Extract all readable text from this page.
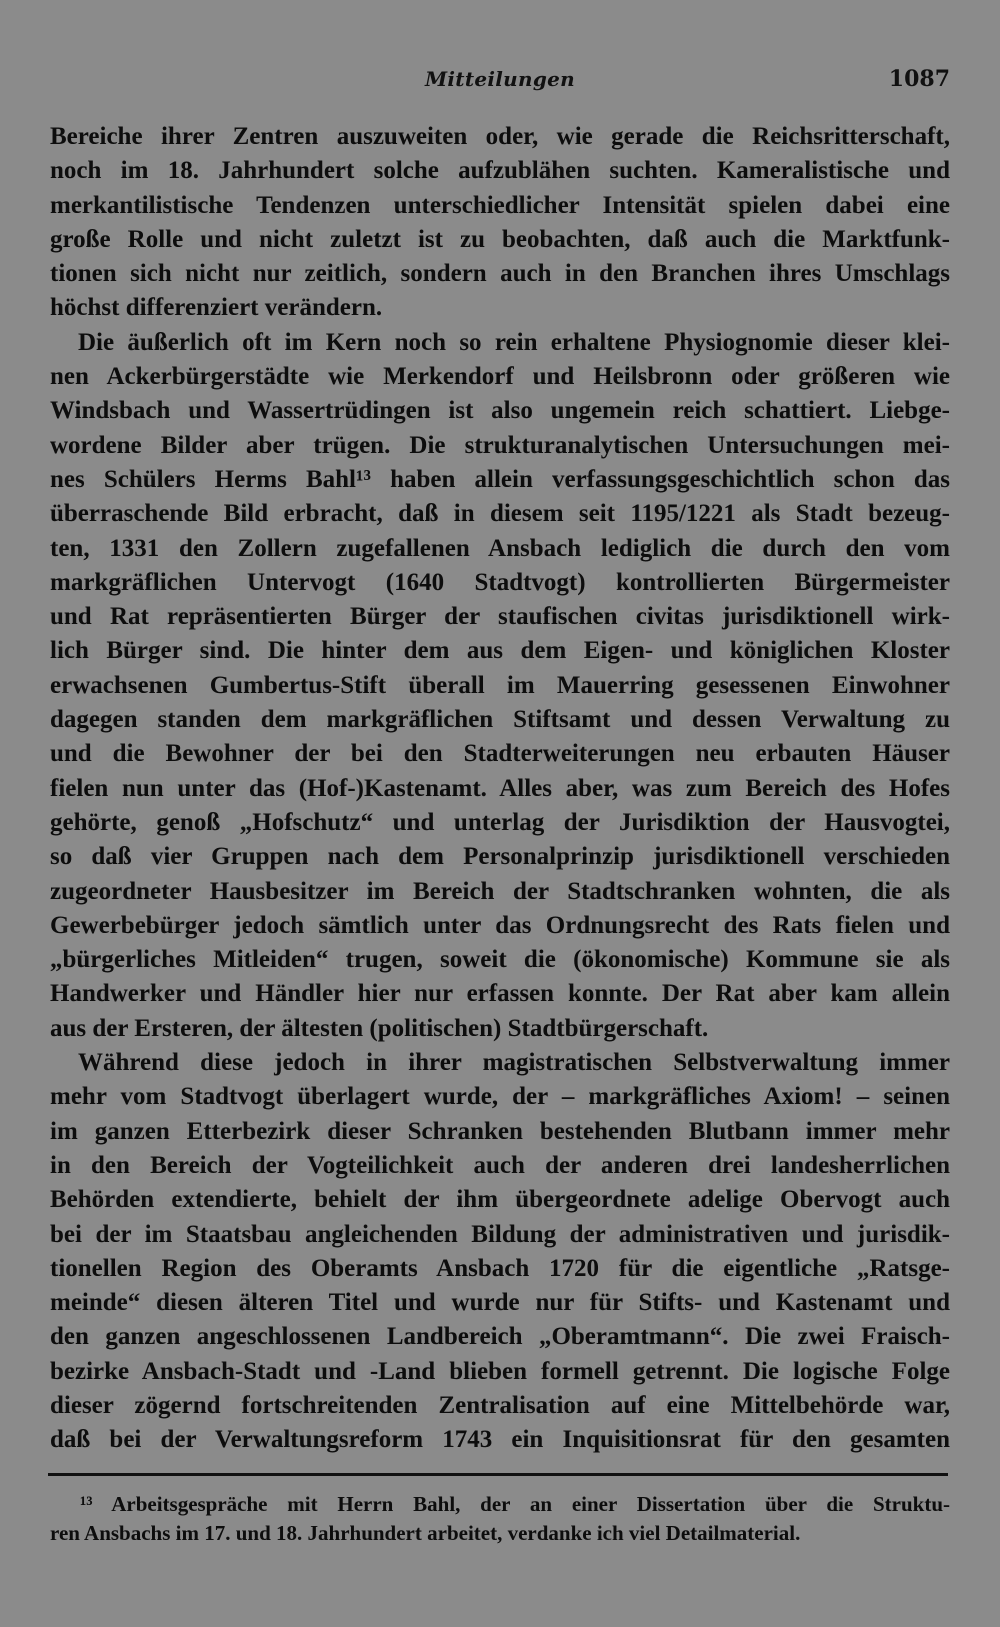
Mitteilungen	1087
Bereiche ihrer Zentren auszuweiten oder, wie gerade die Reichsritterschaft,
noch im 18. Jahrhundert solche aufzublähen suchten. Kameralistische und
merkantilistische Tendenzen unterschiedlicher Intensität spielen dabei eine
große Rolle und nicht zuletzt ist zu beobachten, daß auch die Marktfunk-
tionen sich nicht nur zeitlich, sondern auch in den Branchen ihres Umschlags
höchst differenziert verändern.
Die äußerlich oft im Kern noch so rein erhaltene Physiognomie dieser klei-
nen Ackerbürgerstädte wie Merkendorf und Heilsbronn oder größeren wie
Windsbach und Wassertrüdingen ist also ungemein reich schattiert. Liebge-
wordene Bilder aber trügen. Die strukturanalytischen Untersuchungen mei-
nes Schülers Herms Bahl¹³ haben allein verfassungsgeschichtlich schon das
überraschende Bild erbracht, daß in diesem seit 1195/1221 als Stadt bezeug-
ten, 1331 den Zollern zugefallenen Ansbach lediglich die durch den vom
markgräflichen Untervogt (1640 Stadtvogt) kontrollierten Bürgermeister
und Rat repräsentierten Bürger der staufischen civitas jurisdiktionell wirk-
lich Bürger sind. Die hinter dem aus dem Eigen- und königlichen Kloster
erwachsenen Gumbertus-Stift überall im Mauerring gesessenen Einwohner
dagegen standen dem markgräflichen Stiftsamt und dessen Verwaltung zu
und die Bewohner der bei den Stadterweiterungen neu erbauten Häuser
fielen nun unter das (Hof-)Kastenamt. Alles aber, was zum Bereich des Hofes
gehörte, genoß „Hofschutz“ und unterlag der Jurisdiktion der Hausvogtei,
so daß vier Gruppen nach dem Personalprinzip jurisdiktionell verschieden
zugeordneter Hausbesitzer im Bereich der Stadtschranken wohnten, die als
Gewerbebürger jedoch sämtlich unter das Ordnungsrecht des Rats fielen und
„bürgerliches Mitleiden“ trugen, soweit die (ökonomische) Kommune sie als
Handwerker und Händler hier nur erfassen konnte. Der Rat aber kam allein
aus der Ersteren, der ältesten (politischen) Stadtbürgerschaft.
Während diese jedoch in ihrer magistratischen Selbstverwaltung immer
mehr vom Stadtvogt überlagert wurde, der – markgräfliches Axiom! – seinen
im ganzen Etterbezirk dieser Schranken bestehenden Blutbann immer mehr
in den Bereich der Vogteilichkeit auch der anderen drei landesherrlichen
Behörden extendierte, behielt der ihm übergeordnete adelige Obervogt auch
bei der im Staatsbau angleichenden Bildung der administrativen und jurisdik-
tionellen Region des Oberamts Ansbach 1720 für die eigentliche „Ratsge-
meinde“ diesen älteren Titel und wurde nur für Stifts- und Kastenamt und
den ganzen angeschlossenen Landbereich „Oberamtmann“. Die zwei Fraisch-
bezirke Ansbach-Stadt und -Land blieben formell getrennt. Die logische Folge
dieser zögernd fortschreitenden Zentralisation auf eine Mittelbehörde war,
daß bei der Verwaltungsreform 1743 ein Inquisitionsrat für den gesamten
¹³ Arbeitsgespräche mit Herrn Bahl, der an einer Dissertation über die Struktu-
ren Ansbachs im 17. und 18. Jahrhundert arbeitet, verdanke ich viel Detailmaterial.
